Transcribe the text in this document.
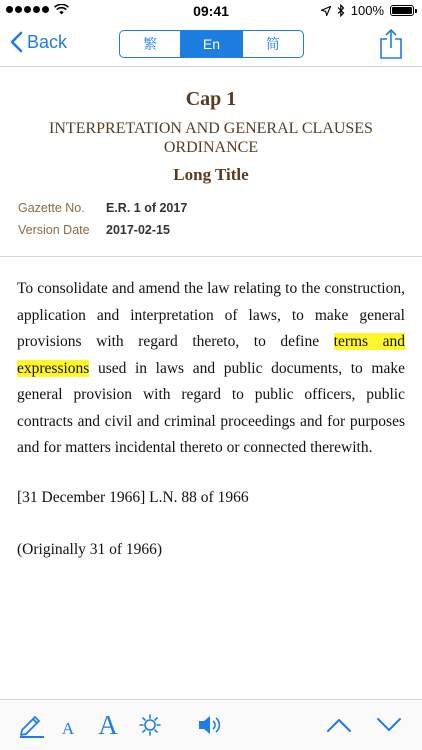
09:41	100%
Back	繁	En	简
Cap 1
INTERPRETATION AND GENERAL CLAUSES ORDINANCE
Long Title
Gazette No.	E.R. 1 of 2017
Version Date	2017-02-15

To consolidate and amend the law relating to the construction, application and interpretation of laws, to make general provisions with regard thereto, to define terms and expressions used in laws and public documents, to make general provision with regard to public officers, public contracts and civil and criminal proceedings and for purposes and for matters incidental thereto or connected therewith.

[31 December 1966] L.N. 88 of 1966
(Originally 31 of 1966)
A A
